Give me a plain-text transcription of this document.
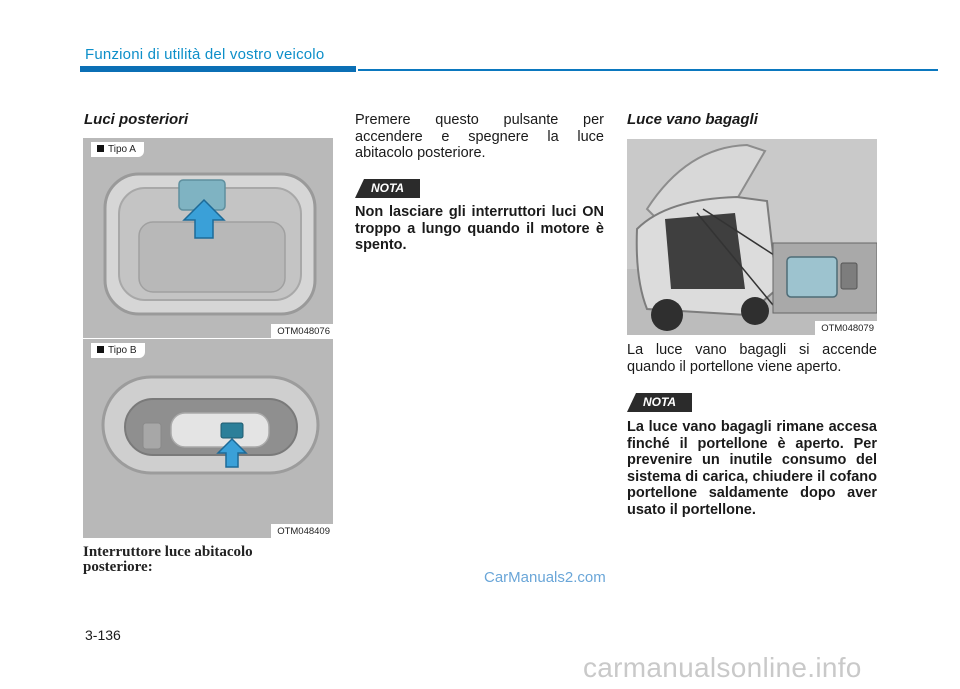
Funzioni di utilità del vostro veicolo
Luci posteriori
Tipo A
OTM048076
Tipo B
OTM048409
Interruttore luce abitacolo posteriore:
Premere questo pulsante per accendere e spegnere la luce abitacolo posteriore.
NOTA
Non lasciare gli interruttori luci ON troppo a lungo quando il motore è spento.
Luce vano bagagli
OTM048079
La luce vano bagagli si accende quando il portellone viene aperto.
NOTA
La luce vano bagagli rimane accesa finché il portellone è aperto. Per prevenire un inutile consumo del sistema di carica, chiudere il cofano portellone saldamente dopo aver usato il portellone.
3-136
CarManuals2.com
carmanualsonline.info
